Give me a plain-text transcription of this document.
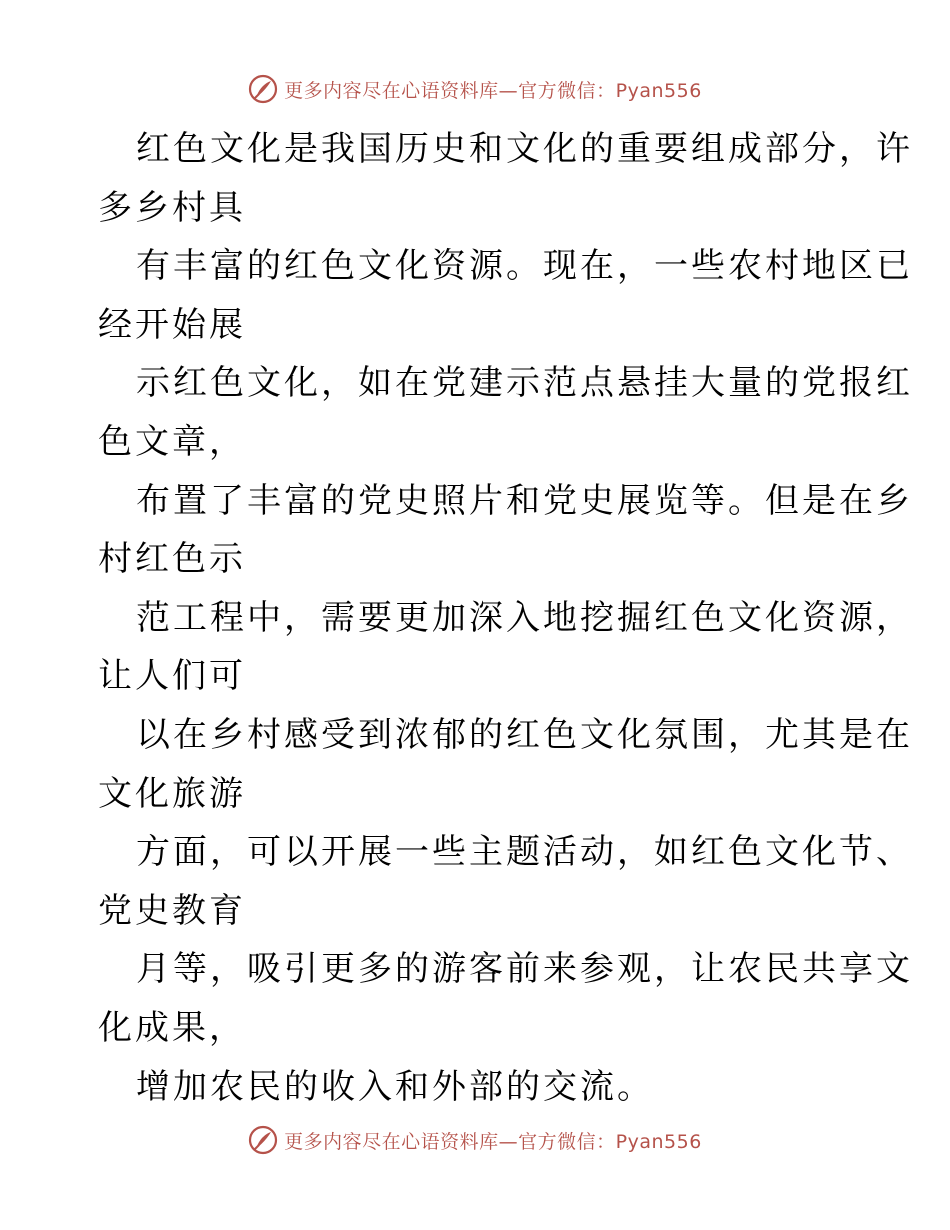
更多内容尽在心语资料库—官方微信：Pyan556
红色文化是我国历史和文化的重要组成部分，许
多乡村具
有丰富的红色文化资源。现在，一些农村地区已
经开始展
示红色文化，如在党建示范点悬挂大量的党报红
色文章，
布置了丰富的党史照片和党史展览等。但是在乡
村红色示
范工程中，需要更加深入地挖掘红色文化资源，
让人们可
以在乡村感受到浓郁的红色文化氛围，尤其是在
文化旅游
方面，可以开展一些主题活动，如红色文化节、
党史教育
月等，吸引更多的游客前来参观，让农民共享文
化成果，
增加农民的收入和外部的交流。
更多内容尽在心语资料库—官方微信：Pyan556
